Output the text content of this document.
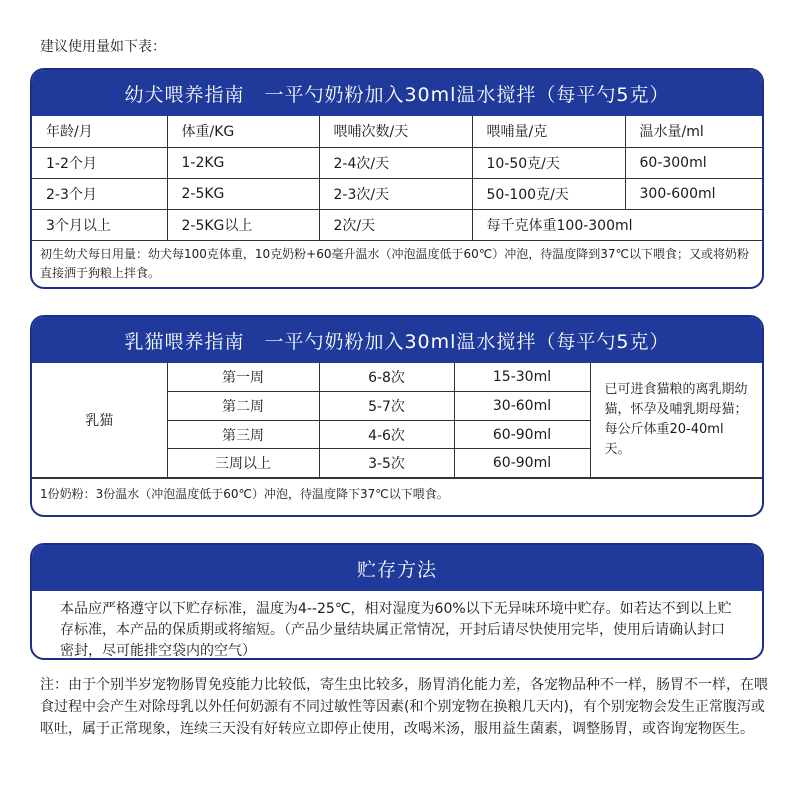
建议使用量如下表：
幼犬喂养指南　一平勺奶粉加入30ml温水搅拌（每平勺5克）
年龄/月	体重/KG	喂哺次数/天	喂哺量/克	温水量/ml
1-2个月	1-2KG	2-4次/天	10-50克/天	60-300ml
2-3个月	2-5KG	2-3次/天	50-100克/天	300-600ml
3个月以上	2-5KG以上	2次/天	每千克体重100-300ml	
初生幼犬每日用量：幼犬每100克体重，10克奶粉+60毫升温水（冲泡温度低于60℃）冲泡，待温度降到37℃以下喂食；又或将奶粉直接洒于狗粮上拌食。
乳猫喂养指南　一平勺奶粉加入30ml温水搅拌（每平勺5克）
乳猫	第一周	6-8次	15-30ml	已可进食猫粮的离乳期幼猫，怀孕及哺乳期母猫；每公斤体重20-40ml天。
	第二周	5-7次	30-60ml	
	第三周	4-6次	60-90ml	
	三周以上	3-5次	60-90ml	
1份奶粉：3份温水（冲泡温度低于60℃）冲泡，待温度降下37℃以下喂食。
贮存方法
本品应严格遵守以下贮存标准，温度为4--25℃，相对湿度为60%以下无异味环境中贮存。如若达不到以上贮存标准，本产品的保质期或将缩短。（产品少量结块属正常情况，开封后请尽快使用完毕，使用后请确认封口密封，尽可能排空袋内的空气）
注：由于个别半岁宠物肠胃免疫能力比较低，寄生虫比较多，肠胃消化能力差，各宠物品种不一样，肠胃不一样，在喂食过程中会产生对除母乳以外任何奶源有不同过敏性等因素(和个别宠物在换粮几天内)，有个别宠物会发生正常腹泻或呕吐，属于正常现象，连续三天没有好转应立即停止使用，改喝米汤，服用益生菌素，调整肠胃，或咨询宠物医生。
